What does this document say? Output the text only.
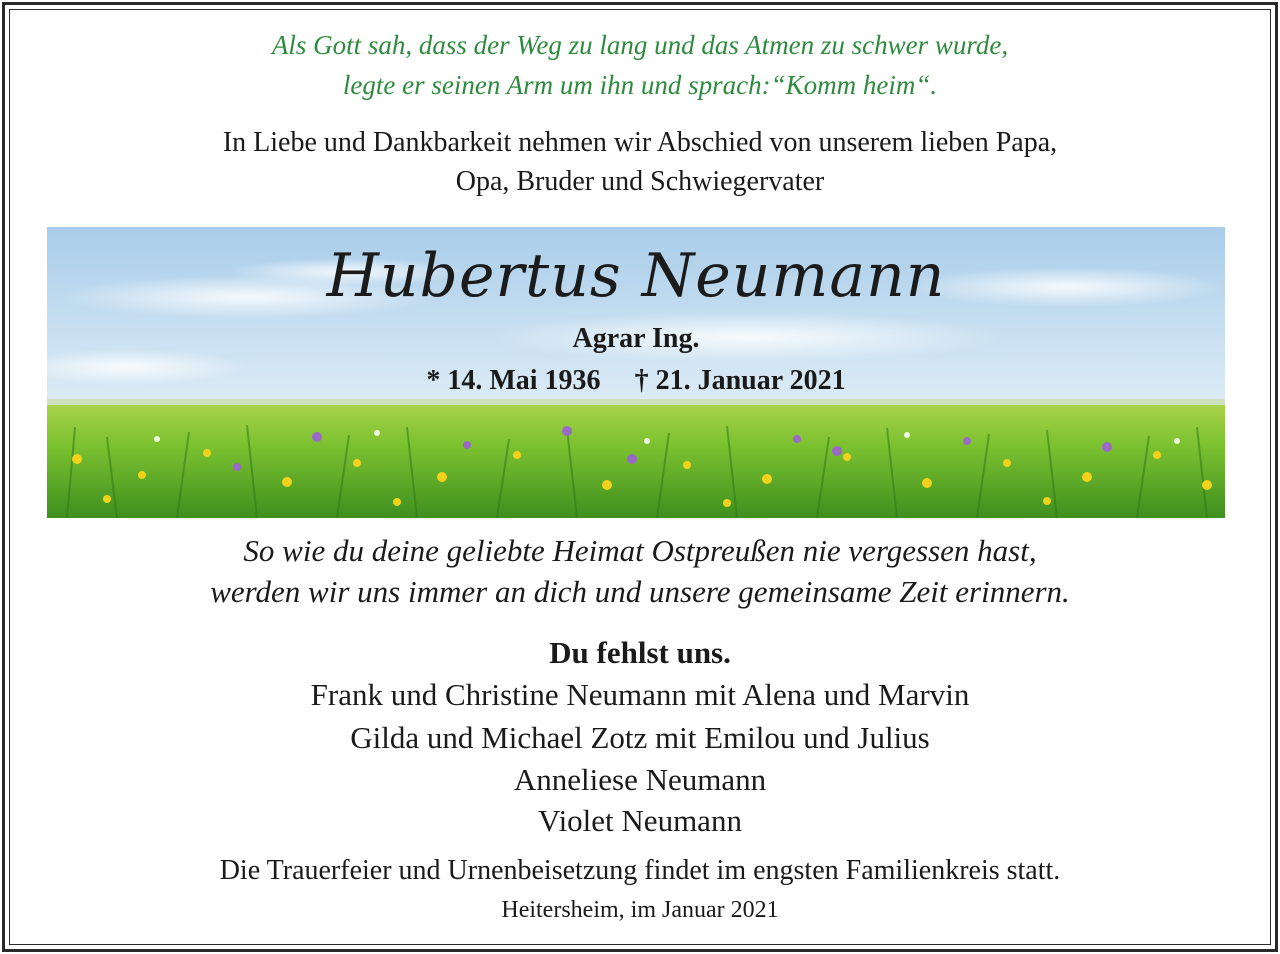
Als Gott sah, dass der Weg zu lang und das Atmen zu schwer wurde,
legte er seinen Arm um ihn und sprach:“Komm heim“.
In Liebe und Dankbarkeit nehmen wir Abschied von unserem lieben Papa,
Opa, Bruder und Schwiegervater
Hubertus Neumann
Agrar Ing.
* 14. Mai 1936 † 21. Januar 2021
So wie du deine geliebte Heimat Ostpreußen nie vergessen hast,
werden wir uns immer an dich und unsere gemeinsame Zeit erinnern.
Du fehlst uns.
Frank und Christine Neumann mit Alena und Marvin
Gilda und Michael Zotz mit Emilou und Julius
Anneliese Neumann
Violet Neumann
Die Trauerfeier und Urnenbeisetzung findet im engsten Familienkreis statt.
Heitersheim, im Januar 2021
